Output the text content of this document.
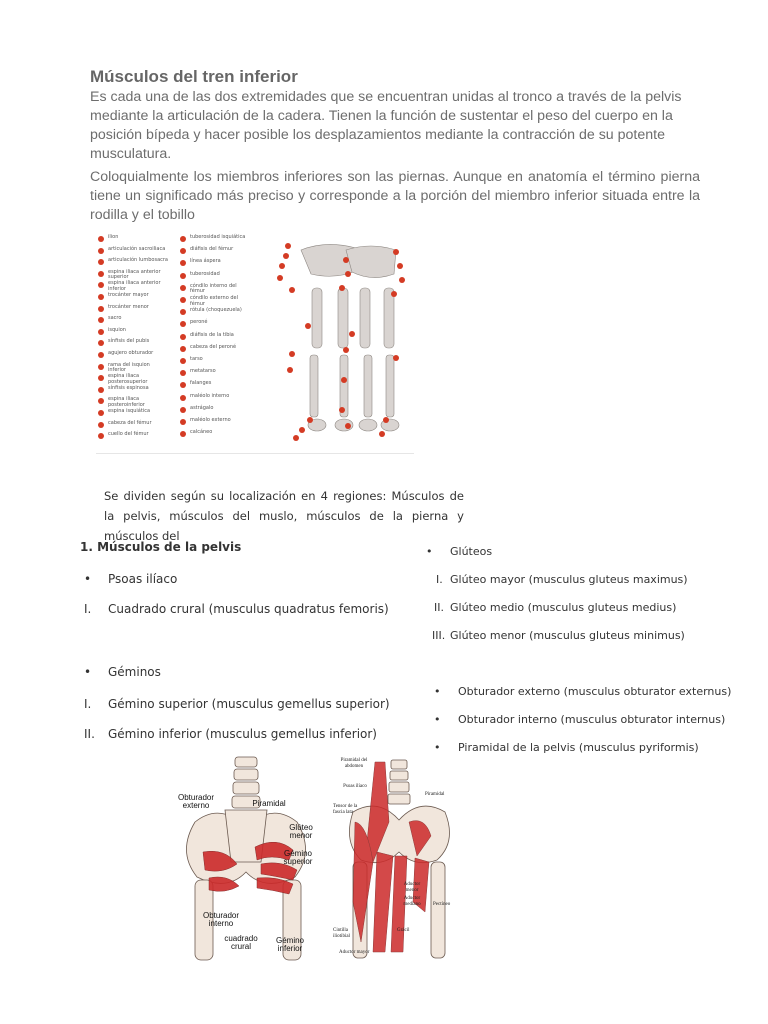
Músculos del tren inferior
Es cada una de las dos extremidades que se encuentran unidas al tronco a través de la pelvis mediante la articulación de la cadera. Tienen la función de sustentar el peso del cuerpo en la posición bípeda y hacer posible los desplazamientos mediante la contracción de su potente musculatura.
Coloquialmente los miembros inferiores son las piernas. Aunque en anatomía el término pierna tiene un significado más preciso y corresponde a la porción del miembro inferior situada entre la rodilla y el tobillo
ilion
articulación sacroiliaca
articulación lumbosacra
espina iliaca anterior superior
espina iliaca anterior inferior
trocánter mayor
trocánter menor
sacro
isquion
sínfisis del pubis
agujero obturador
rama del isquion inferior
espina iliaca posterosuperior
sínfisis espinosa
espina iliaca posteroinferior
espina isquiática
cabeza del fémur
cuello del fémur
tuberosidad isquiática
diáfisis del fémur
línea áspera
tuberosidad
cóndilo interno del fémur
cóndilo externo del fémur
rótula (choquezuela)
peroné
diáfisis de la tibia
cabeza del peroné
tarso
metatarso
falanges
maléolo interno
astrágalo
maléolo externo
calcáneo
Se dividen según su localización en 4 regiones: Músculos de la pelvis, músculos del muslo, músculos de la pierna y músculos del
1. Músculos de la pelvis
• Psoas ilíaco
I. Cuadrado crural (musculus quadratus femoris)
• Géminos
I. Gémino superior (musculus gemellus superior)
II. Gémino inferior (musculus gemellus inferior)
• Glúteos
I. Glúteo mayor (musculus gluteus maximus)
II. Glúteo medio (musculus gluteus medius)
III. Glúteo menor (musculus gluteus minimus)
• Obturador externo (musculus obturator externus)
• Obturador interno (musculus obturator internus)
• Piramidal de la pelvis (musculus pyriformis)
Obturador externo	Piramidal
Glúteo menor
Gémino superior
Obturador interno
cuadrado crural
Gémino inferior
Piramidal del abdomen
Psoas ilíaco
Tensor de la fascia lata
Piramidal
Aductor menor
Aductor mediano	Pectíneo
Cintilla iliotibial
Grácil
Aductor mayor
